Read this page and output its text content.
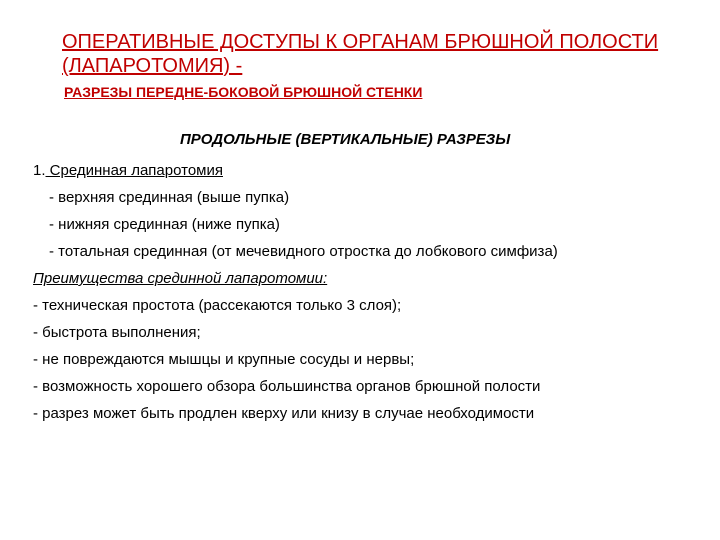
ОПЕРАТИВНЫЕ ДОСТУПЫ К ОРГАНАМ БРЮШНОЙ ПОЛОСТИ (ЛАПАРОТОМИЯ) -
РАЗРЕЗЫ ПЕРЕДНЕ-БОКОВОЙ БРЮШНОЙ СТЕНКИ
ПРОДОЛЬНЫЕ (ВЕРТИКАЛЬНЫЕ) РАЗРЕЗЫ
1. Срединная лапаротомия
- верхняя срединная (выше пупка)
- нижняя срединная (ниже пупка)
- тотальная срединная (от мечевидного отростка до лобкового симфиза)
Преимущества срединной лапаротомии:
- техническая простота (рассекаются только 3 слоя);
- быстрота выполнения;
- не повреждаются мышцы и крупные сосуды и нервы;
- возможность хорошего обзора большинства органов брюшной полости
- разрез может быть продлен кверху или книзу в случае необходимости
